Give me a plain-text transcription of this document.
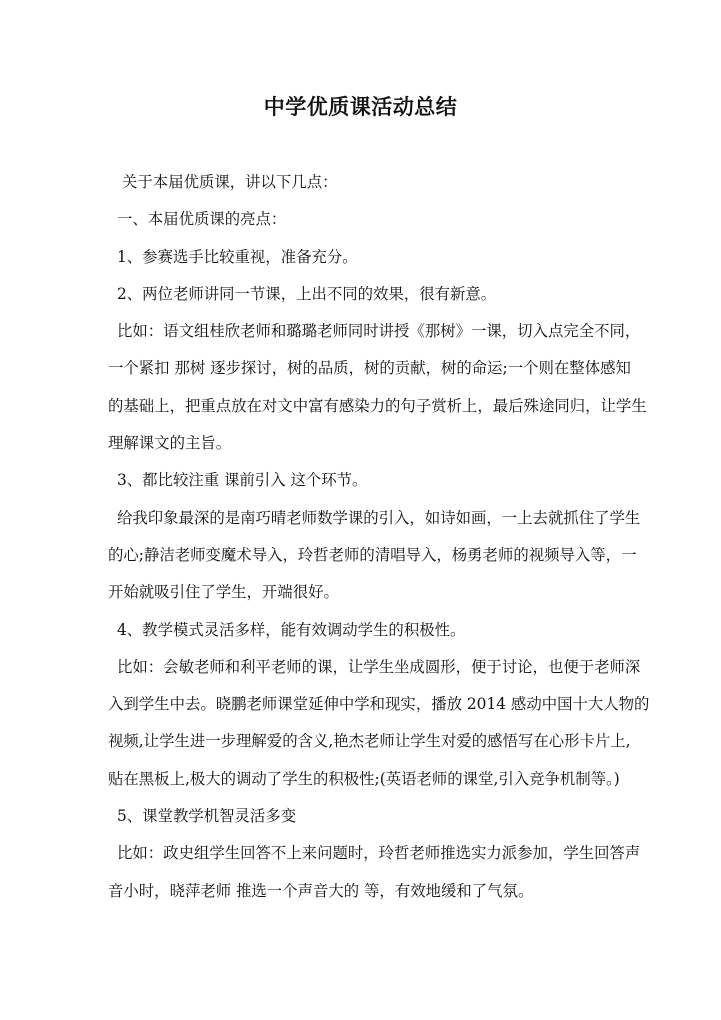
中学优质课活动总结
关于本届优质课，讲以下几点：
一、本届优质课的亮点：
1、参赛选手比较重视，准备充分。
2、两位老师讲同一节课，上出不同的效果，很有新意。
比如：语文组桂欣老师和璐璐老师同时讲授《那树》一课，切入点完全不同，
一个紧扣 那树 逐步探讨，树的品质，树的贡献，树的命运;一个则在整体感知
的基础上，把重点放在对文中富有感染力的句子赏析上，最后殊途同归，让学生
理解课文的主旨。
3、都比较注重 课前引入 这个环节。
给我印象最深的是南巧晴老师数学课的引入，如诗如画，一上去就抓住了学生
的心;静洁老师变魔术导入，玲哲老师的清唱导入，杨勇老师的视频导入等，一
开始就吸引住了学生，开端很好。
4、教学模式灵活多样，能有效调动学生的积极性。
比如：会敏老师和利平老师的课，让学生坐成圆形，便于讨论，也便于老师深
入到学生中去。晓鹏老师课堂延伸中学和现实，播放 2014 感动中国十大人物的
视频,让学生进一步理解爱的含义,艳杰老师让学生对爱的感悟写在心形卡片上,
贴在黑板上,极大的调动了学生的积极性;(英语老师的课堂,引入竞争机制等。)
5、课堂教学机智灵活多变
比如：政史组学生回答不上来问题时，玲哲老师推选实力派参加，学生回答声
音小时，晓萍老师 推选一个声音大的 等，有效地缓和了气氛。
